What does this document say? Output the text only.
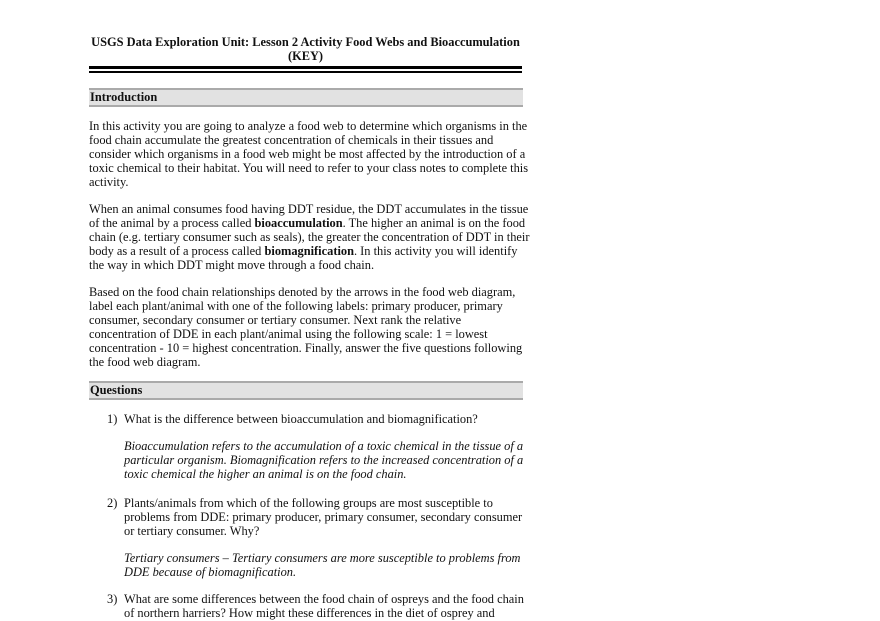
USGS Data Exploration Unit: Lesson 2 Activity Food Webs and Bioaccumulation
(KEY)
Introduction
In this activity you are going to analyze a food web to determine which organisms in the
food chain accumulate the greatest concentration of chemicals in their tissues and
consider which organisms in a food web might be most affected by the introduction of a
toxic chemical to their habitat. You will need to refer to your class notes to complete this
activity.
When an animal consumes food having DDT residue, the DDT accumulates in the tissue
of the animal by a process called bioaccumulation. The higher an animal is on the food
chain (e.g. tertiary consumer such as seals), the greater the concentration of DDT in their
body as a result of a process called biomagnification. In this activity you will identify
the way in which DDT might move through a food chain.
Based on the food chain relationships denoted by the arrows in the food web diagram,
label each plant/animal with one of the following labels: primary producer, primary
consumer, secondary consumer or tertiary consumer. Next rank the relative
concentration of DDE in each plant/animal using the following scale: 1 = lowest
concentration - 10 = highest concentration. Finally, answer the five questions following
the food web diagram.
Questions
1) What is the difference between bioaccumulation and biomagnification?
Bioaccumulation refers to the accumulation of a toxic chemical in the tissue of a
particular organism. Biomagnification refers to the increased concentration of a
toxic chemical the higher an animal is on the food chain.
2) Plants/animals from which of the following groups are most susceptible to
problems from DDE: primary producer, primary consumer, secondary consumer
or tertiary consumer. Why?
Tertiary consumers – Tertiary consumers are more susceptible to problems from
DDE because of biomagnification.
3) What are some differences between the food chain of ospreys and the food chain
of northern harriers? How might these differences in the diet of osprey and
